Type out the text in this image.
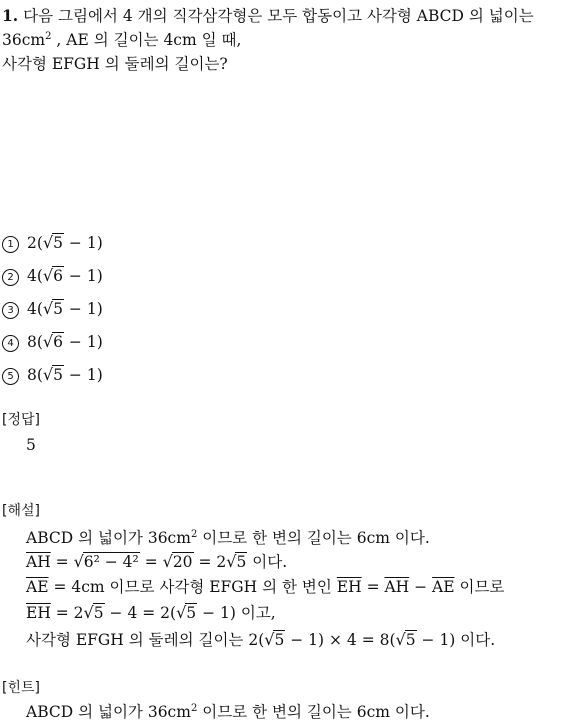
1. 다음 그림에서 4 개의 직각삼각형은 모두 합동이고 사각형 ABCD 의 넓이는
$36cm^2$ , AE 의 길이는 4cm 일 때,
사각형 EFGH 의 둘레의 길이는?
1 2(√5 − 1)
2 4(√6 − 1)
3 4(√5 − 1)
4 8(√6 − 1)
5 8(√5 − 1)
[정답]
5
[해설]
ABCD 의 넓이가 $36cm^2$ 이므로 한 변의 길이는 6cm 이다.
$\overline{AH} = √6^2 - 4^2 = √20 = 2√5$ 이다.
$\overline{AE} = 4cm$ 이므로 사각형 EFGH 의 한 변인 $\overline{EH} = \overline{AH} - \overline{AE}$ 이므로
$\overline{EH} = 2√5 - 4 = 2(√5 - 1)$ 이고,
사각형 EFGH 의 둘레의 길이는 2(√5 − 1) × 4 = 8(√5 − 1) 이다.
[힌트]
ABCD 의 넓이가 $36cm^2$ 이므로 한 변의 길이는 6cm 이다.
